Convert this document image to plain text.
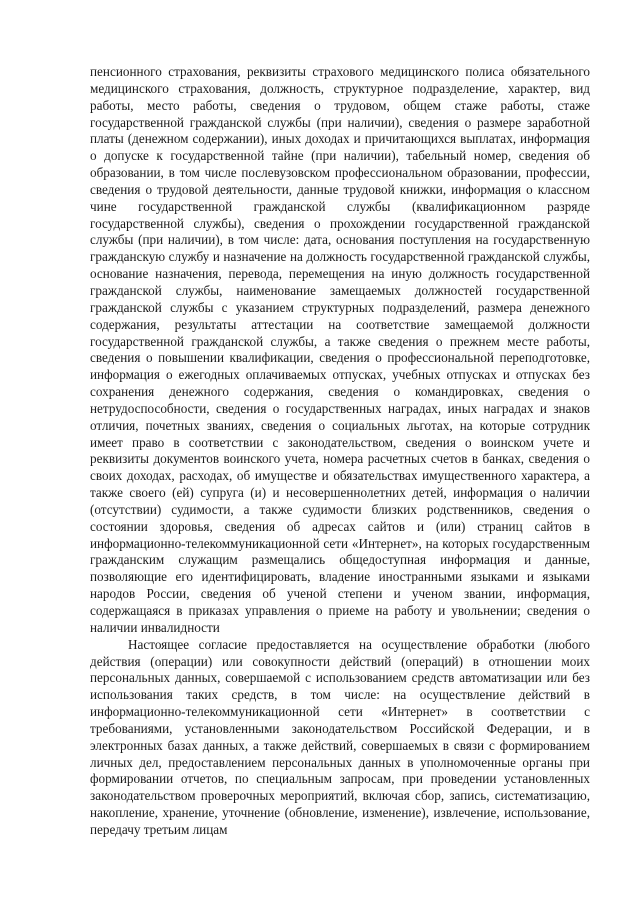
пенсионного страхования, реквизиты страхового медицинского полиса обязательного медицинского страхования, должность, структурное подразделение, характер, вид работы, место работы, сведения о трудовом, общем стаже работы, стаже государственной гражданской службы (при наличии), сведения о размере заработной платы (денежном содержании), иных доходах и причитающихся выплатах, информация о допуске к государственной тайне (при наличии), табельный номер, сведения об образовании, в том числе послевузовском профессиональном образовании, профессии, сведения о трудовой деятельности, данные трудовой книжки, информация о классном чине государственной гражданской службы (квалификационном разряде государственной службы), сведения о прохождении государственной гражданской службы (при наличии), в том числе: дата, основания поступления на государственную гражданскую службу и назначение на должность государственной гражданской службы, основание назначения, перевода, перемещения на иную должность государственной гражданской службы, наименование замещаемых должностей государственной гражданской службы с указанием структурных подразделений, размера денежного содержания, результаты аттестации на соответствие замещаемой должности государственной гражданской службы, а также сведения о прежнем месте работы, сведения о повышении квалификации, сведения о профессиональной переподготовке, информация о ежегодных оплачиваемых отпусках, учебных отпусках и отпусках без сохранения денежного содержания, сведения о командировках, сведения о нетрудоспособности, сведения о государственных наградах, иных наградах и знаков отличия, почетных званиях, сведения о социальных льготах, на которые сотрудник имеет право в соответствии с законодательством, сведения о воинском учете и реквизиты документов воинского учета, номера расчетных счетов в банках, сведения о своих доходах, расходах, об имуществе и обязательствах имущественного характера, а также своего (ей) супруга (и) и несовершеннолетних детей, информация о наличии (отсутствии) судимости, а также судимости близких родственников, сведения о состоянии здоровья, сведения об адресах сайтов и (или) страниц сайтов в информационно-телекоммуникационной сети «Интернет», на которых государственным гражданским служащим размещались общедоступная информация и данные, позволяющие его идентифицировать, владение иностранными языками и языками народов России, сведения об ученой степени и ученом звании, информация, содержащаяся в приказах управления о приеме на работу и увольнении; сведения о наличии инвалидности

Настоящее согласие предоставляется на осуществление обработки (любого действия (операции) или совокупности действий (операций) в отношении моих персональных данных, совершаемой с использованием средств автоматизации или без использования таких средств, в том числе: на осуществление действий в информационно-телекоммуникационной сети «Интернет» в соответствии с требованиями, установленными законодательством Российской Федерации, и в электронных базах данных, а также действий, совершаемых в связи с формированием личных дел, предоставлением персональных данных в уполномоченные органы при формировании отчетов, по специальным запросам, при проведении установленных законодательством проверочных мероприятий, включая сбор, запись, систематизацию, накопление, хранение, уточнение (обновление, изменение), извлечение, использование, передачу третьим лицам
